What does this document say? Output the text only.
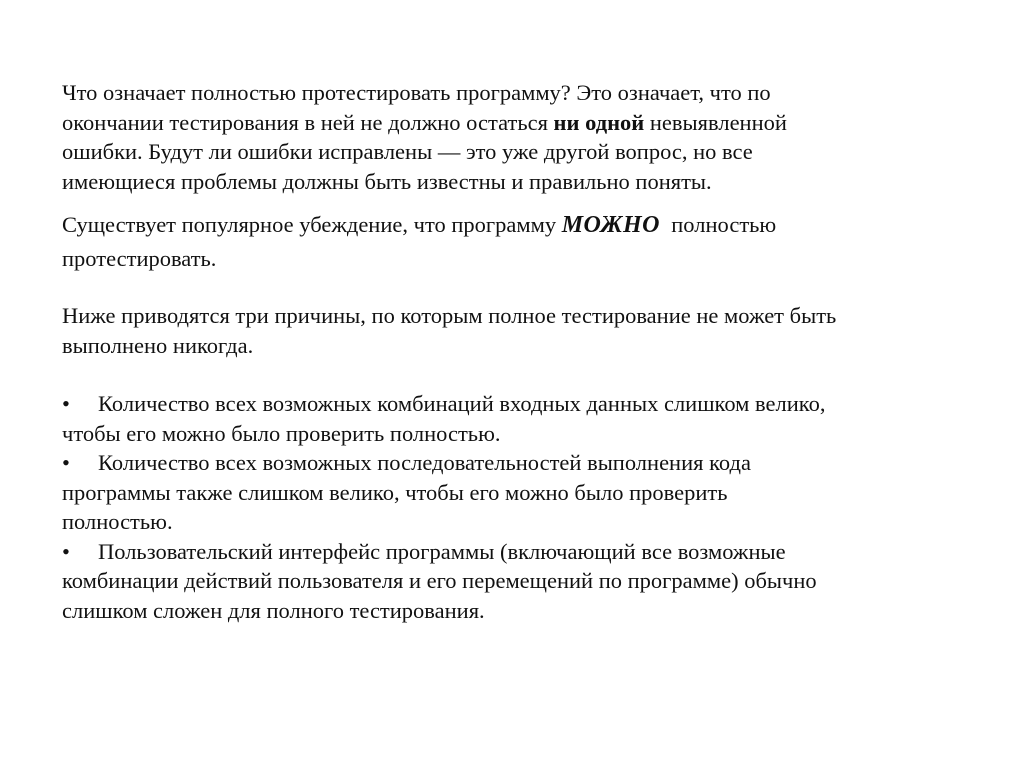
Что означает полностью протестировать программу? Это означает, что по
окончании тестирования в ней не должно остаться ни одной невыявленной
ошибки. Будут ли ошибки исправлены — это уже другой вопрос, но все
имеющиеся проблемы должны быть известны и правильно поняты.

Существует популярное убеждение, что программу МОЖНО  полностью
протестировать.

Ниже приводятся три причины, по которым полное тестирование не может быть
выполнено никогда.

• Количество всех возможных комбинаций входных данных слишком велико,
чтобы его можно было проверить полностью.
• Количество всех возможных последовательностей выполнения кода
программы также слишком велико, чтобы его можно было проверить
полностью.
• Пользовательский интерфейс программы (включающий все возможные
комбинации действий пользователя и его перемещений по программе) обычно
слишком сложен для полного тестирования.
